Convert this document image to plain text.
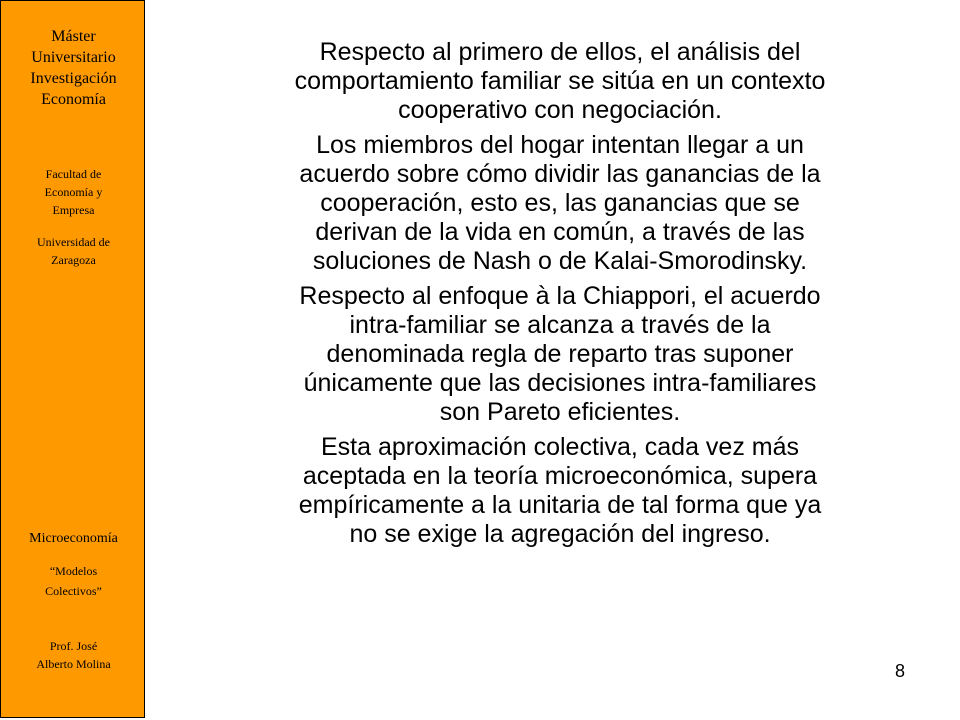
Máster
Universitario
Investigación
Economía
Facultad de
Economía y
Empresa
Universidad de
Zaragoza
Microeconomía
“Modelos
Colectivos”
Prof. José
Alberto Molina

Respecto al primero de ellos, el análisis del
comportamiento familiar se sitúa en un contexto
cooperativo con negociación.

Los miembros del hogar intentan llegar a un
acuerdo sobre cómo dividir las ganancias de la
cooperación, esto es, las ganancias que se
derivan de la vida en común, a través de las
soluciones de Nash o de Kalai-Smorodinsky.

Respecto al enfoque à la Chiappori, el acuerdo
intra-familiar se alcanza a través de la
denominada regla de reparto tras suponer
únicamente que las decisiones intra-familiares
son Pareto eficientes.

Esta aproximación colectiva, cada vez más
aceptada en la teoría microeconómica, supera
empíricamente a la unitaria de tal forma que ya
no se exige la agregación del ingreso.

8
